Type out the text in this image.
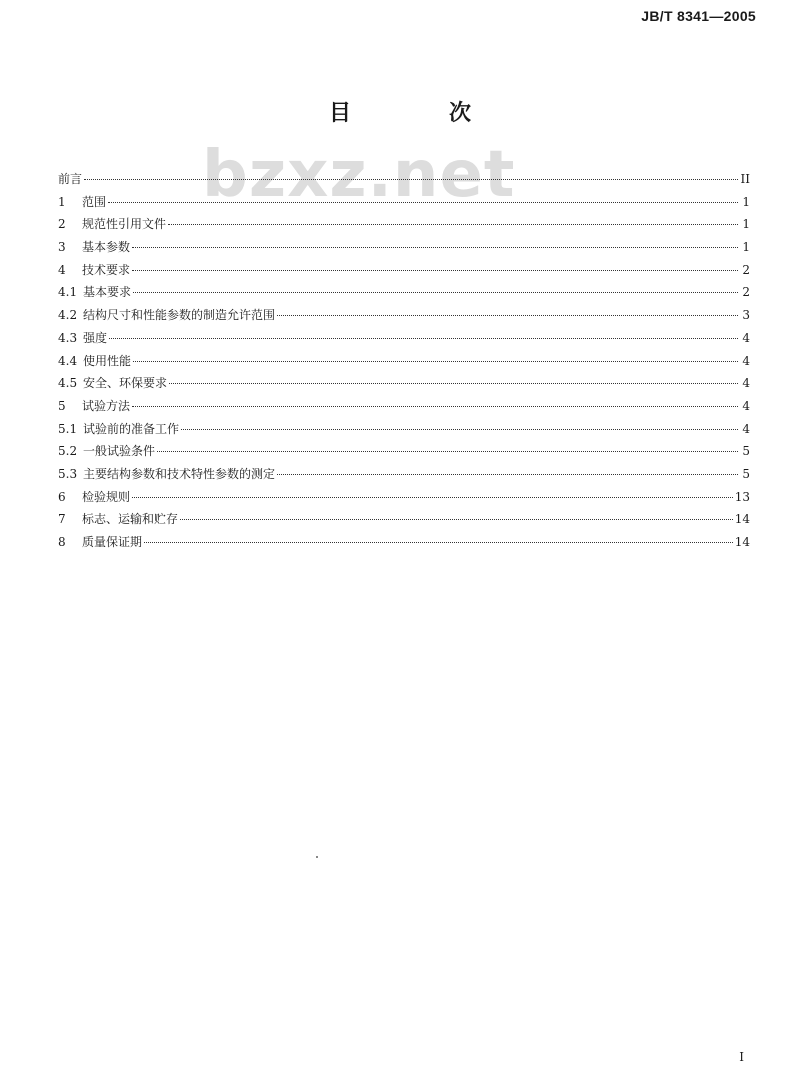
JB/T 8341—2005
bzxz.net
目　次
前言	II
1	范围	1
2	规范性引用文件	1
3	基本参数	1
4	技术要求	2
4.1 基本要求	2
4.2 结构尺寸和性能参数的制造允许范围	3
4.3 强度	4
4.4 使用性能	4
4.5 安全、环保要求	4
5	试验方法	4
5.1 试验前的准备工作	4
5.2 一般试验条件	5
5.3 主要结构参数和技术特性参数的测定	5
6	检验规则	13
7	标志、运输和贮存	14
8	质量保证期	14
I
